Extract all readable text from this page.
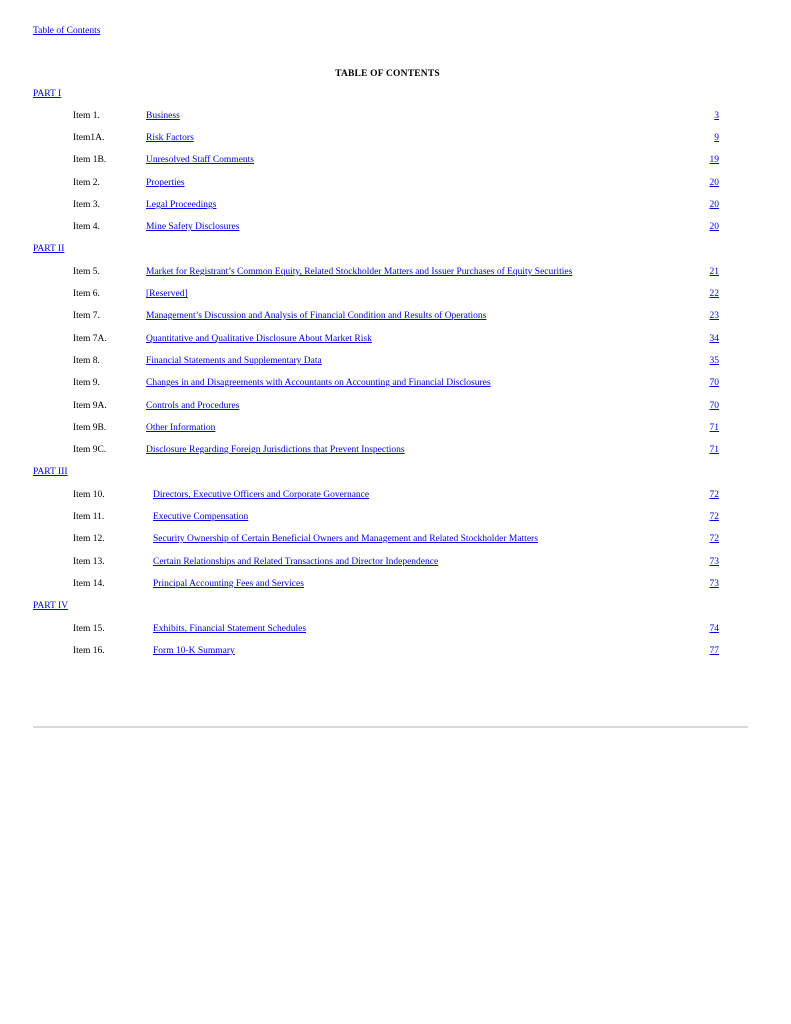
Table of Contents
TABLE OF CONTENTS
PART I
Item 1.	Business	3
Item1A.	Risk Factors	9
Item 1B.	Unresolved Staff Comments	19
Item 2.	Properties	20
Item 3.	Legal Proceedings	20
Item 4.	Mine Safety Disclosures	20
PART II
Item 5.	Market for Registrant’s Common Equity, Related Stockholder Matters and Issuer Purchases of Equity Securities	21
Item 6.	[Reserved]	22
Item 7.	Management’s Discussion and Analysis of Financial Condition and Results of Operations	23
Item 7A.	Quantitative and Qualitative Disclosure About Market Risk	34
Item 8.	Financial Statements and Supplementary Data	35
Item 9.	Changes in and Disagreements with Accountants on Accounting and Financial Disclosures	70
Item 9A.	Controls and Procedures	70
Item 9B.	Other Information	71
Item 9C.	Disclosure Regarding Foreign Jurisdictions that Prevent Inspections	71
PART III
Item 10.	Directors, Executive Officers and Corporate Governance	72
Item 11.	Executive Compensation	72
Item 12.	Security Ownership of Certain Beneficial Owners and Management and Related Stockholder Matters	72
Item 13.	Certain Relationships and Related Transactions and Director Independence	73
Item 14.	Principal Accounting Fees and Services	73
PART IV
Item 15.	Exhibits, Financial Statement Schedules	74
Item 16.	Form 10-K Summary	77
